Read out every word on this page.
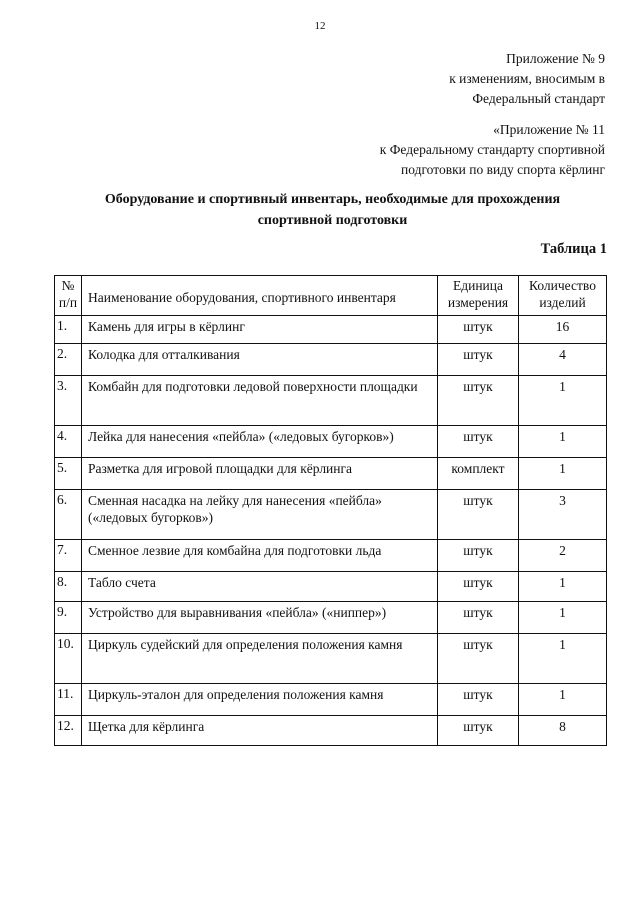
12
Приложение № 9
к изменениям, вносимым в
Федеральный стандарт
«Приложение № 11
к Федеральному стандарту спортивной
подготовки по виду спорта кёрлинг
Оборудование и спортивный инвентарь, необходимые для прохождения
спортивной подготовки
Таблица 1
№ п/п	Наименование оборудования, спортивного инвентаря	Единица измерения	Количество изделий
1.	Камень для игры в кёрлинг	штук	16
2.	Колодка для отталкивания	штук	4
3.	Комбайн для подготовки ледовой поверхности площадки	штук	1
4.	Лейка для нанесения «пейбла» («ледовых бугорков»)	штук	1
5.	Разметка для игровой площадки для кёрлинга	комплект	1
6.	Сменная насадка на лейку для нанесения «пейбла» («ледовых бугорков»)	штук	3
7.	Сменное лезвие для комбайна для подготовки льда	штук	2
8.	Табло счета	штук	1
9.	Устройство для выравнивания «пейбла» («ниппер»)	штук	1
10.	Циркуль судейский для определения положения камня	штук	1
11.	Циркуль-эталон для определения положения камня	штук	1
12.	Щетка для кёрлинга	штук	8
